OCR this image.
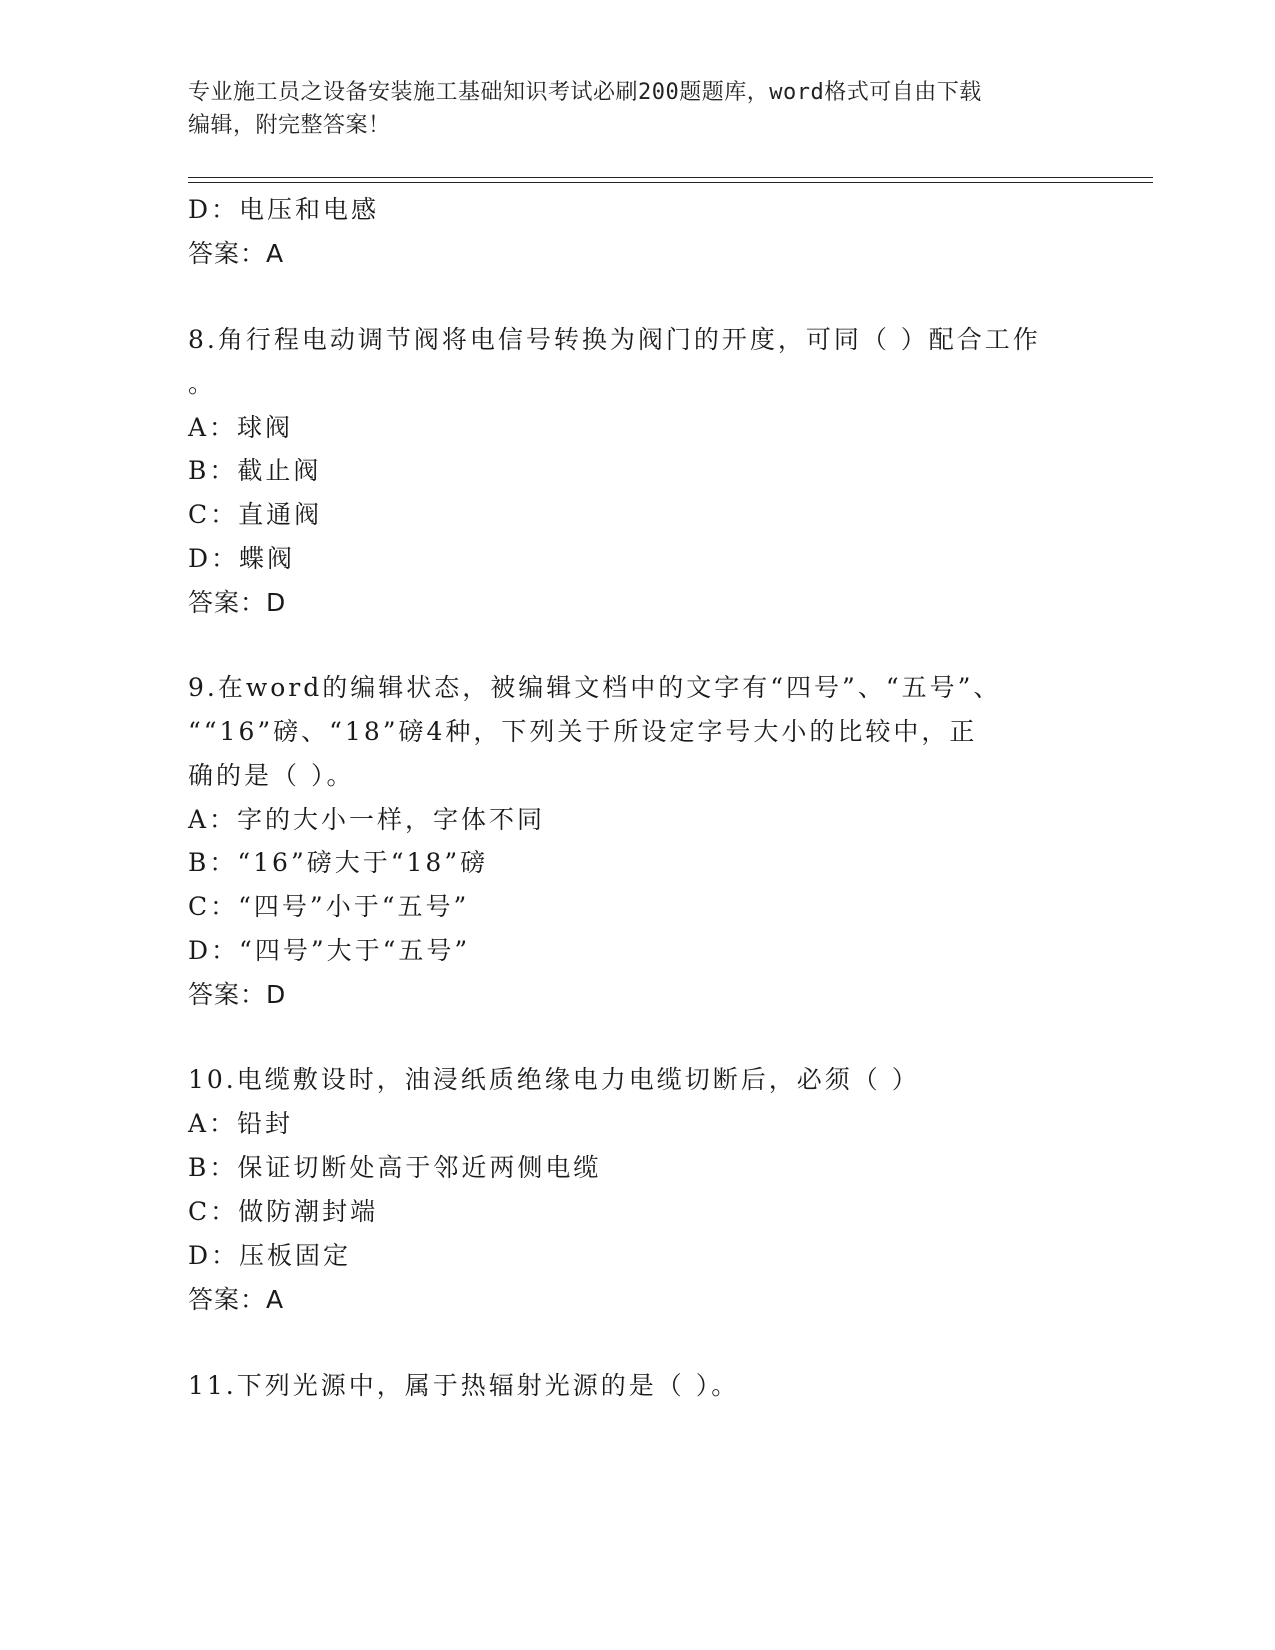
专业施工员之设备安装施工基础知识考试必刷200题题库，word格式可自由下载
编辑，附完整答案！
D：电压和电感
答案：A
8.角行程电动调节阀将电信号转换为阀门的开度，可同（ ）配合工作
。
A：球阀
B：截止阀
C：直通阀
D：蝶阀
答案：D
9.在word的编辑状态，被编辑文档中的文字有“四号”、“五号”、
““16”磅、“18”磅4种，下列关于所设定字号大小的比较中，正
确的是（ ）。
A：字的大小一样，字体不同
B：“16”磅大于“18”磅
C：“四号”小于“五号”
D：“四号”大于“五号”
答案：D
10.电缆敷设时，油浸纸质绝缘电力电缆切断后，必须（ ）
A：铅封
B：保证切断处高于邻近两侧电缆
C：做防潮封端
D：压板固定
答案：A
11.下列光源中，属于热辐射光源的是（ ）。
